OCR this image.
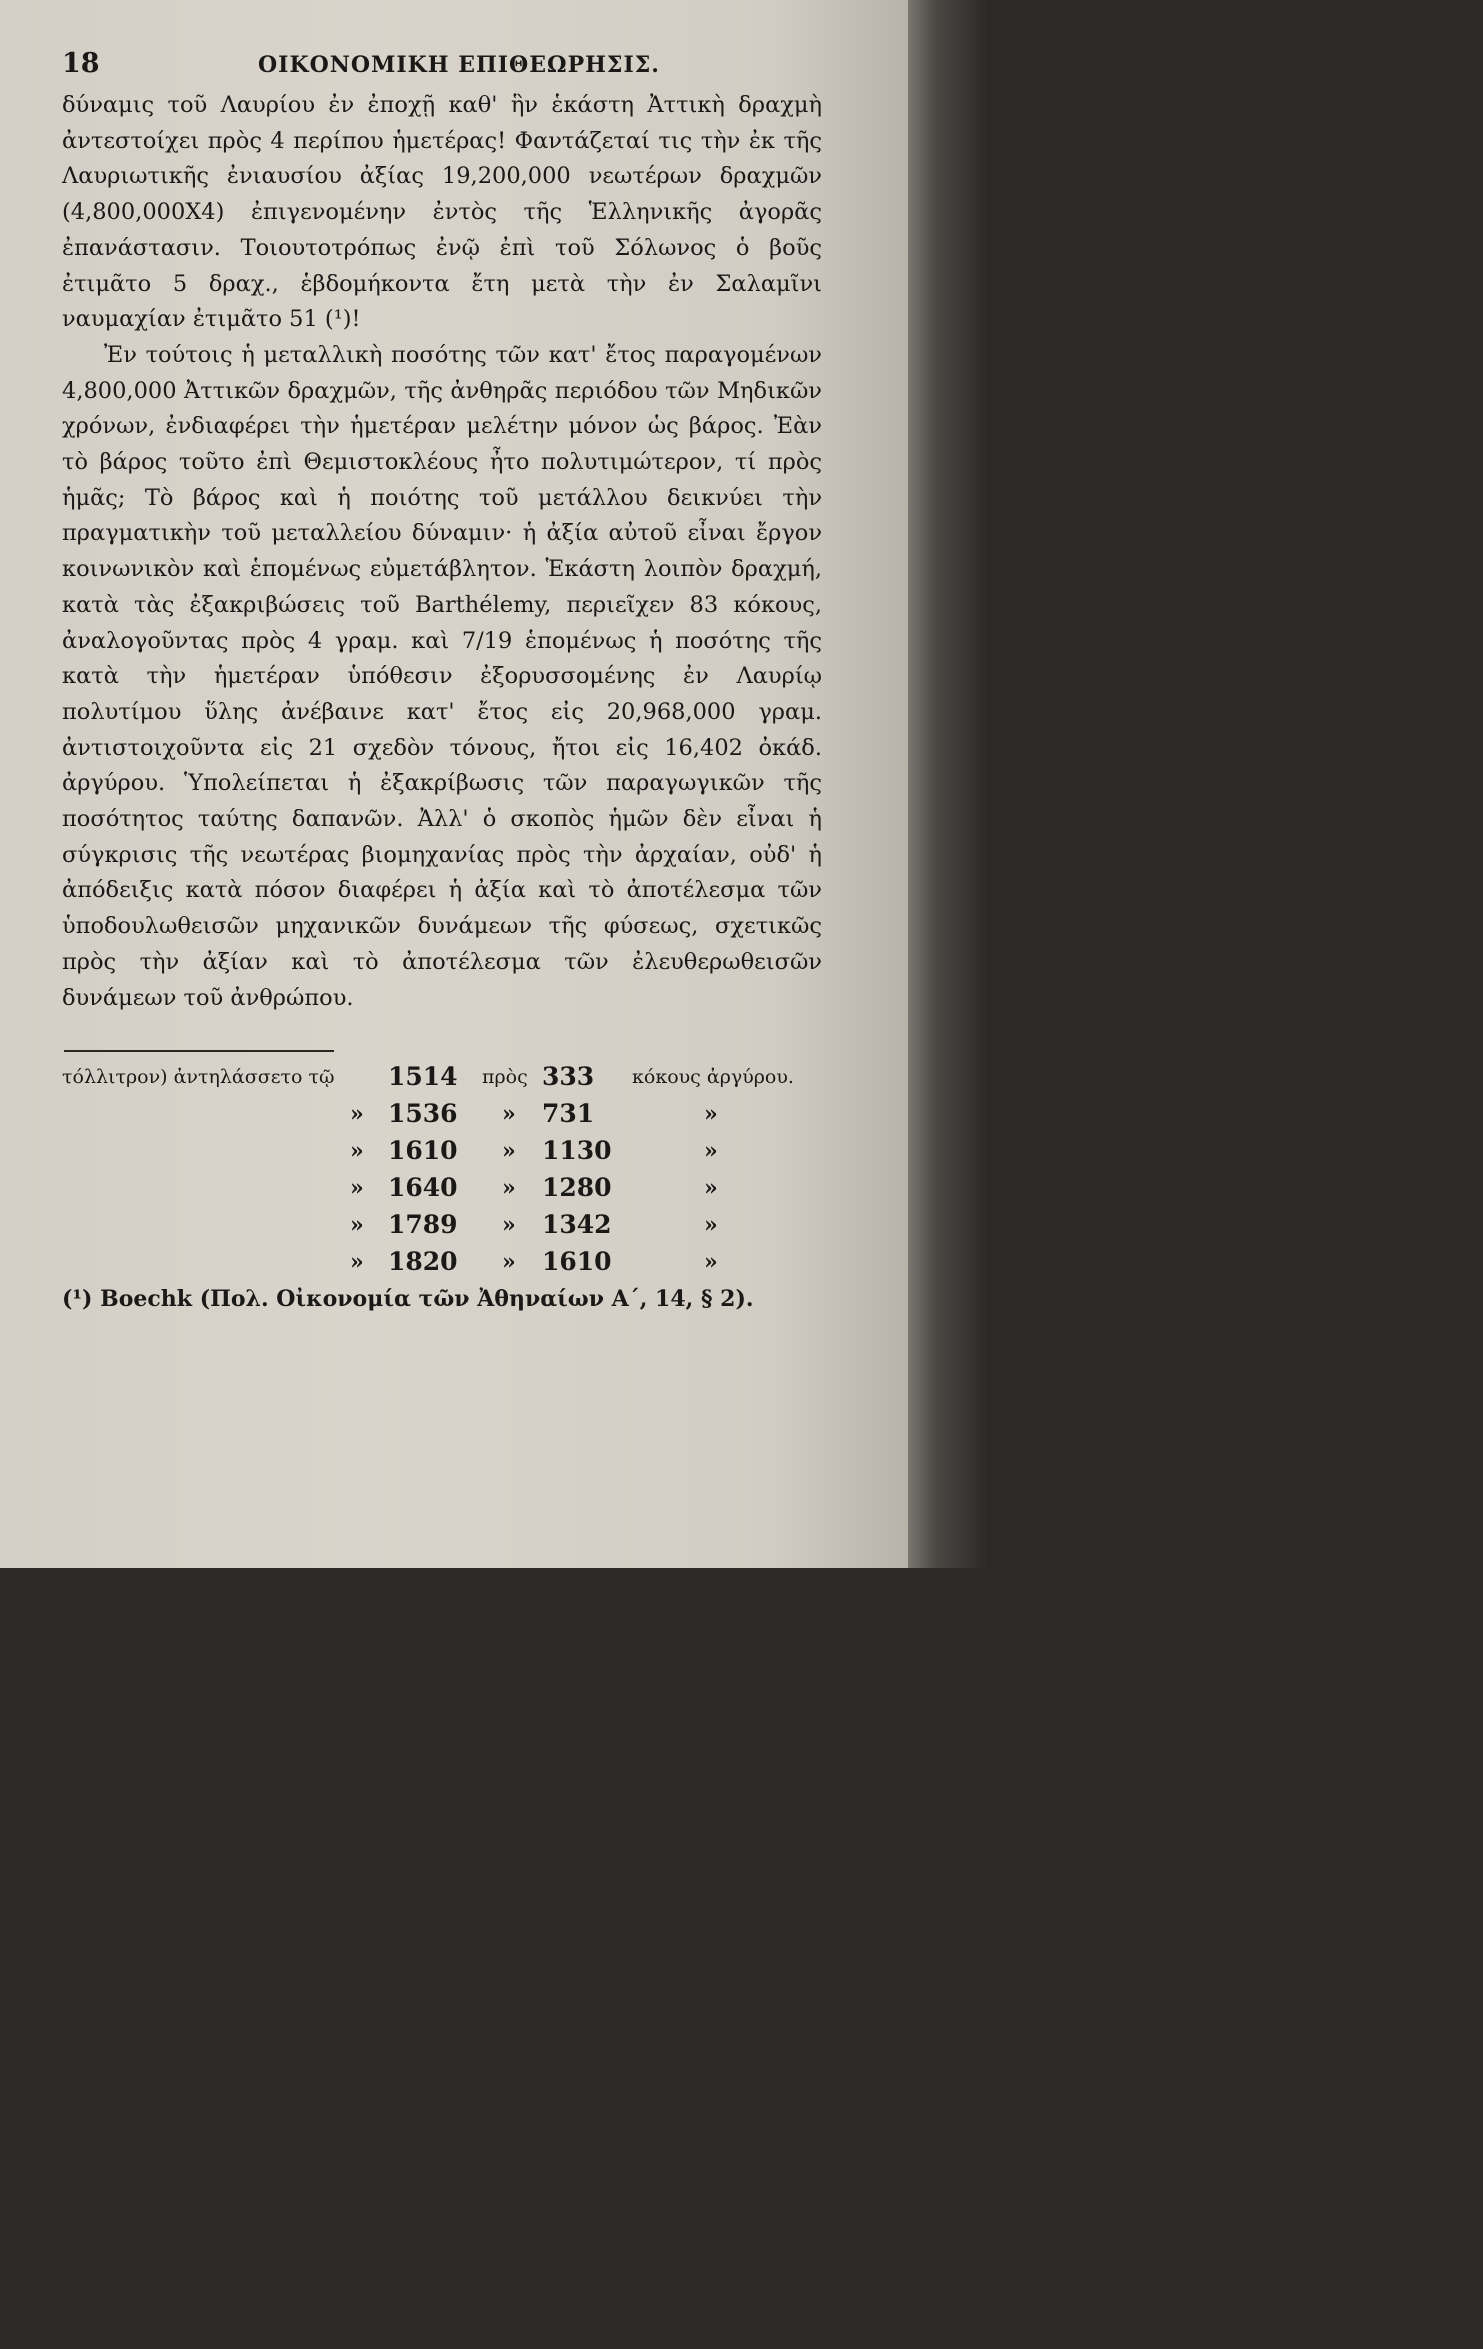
18	ΟΙΚΟΝΟΜΙΚΗ ΕΠΙΘΕΩΡΗΣΙΣ.

δύναμις τοῦ Λαυρίου ἐν ἐποχῇ καθ' ἣν ἑκάστη Ἀττικὴ δραχμὴ ἀντεστοίχει πρὸς 4 περίπου ἡμετέρας! Φαντάζεταί τις τὴν ἐκ τῆς Λαυριωτικῆς ἐνιαυσίου ἀξίας 19,200,000 νεωτέρων δραχμῶν (4,800,000X4) ἐπιγενομένην ἐντὸς τῆς Ἑλληνικῆς ἀγορᾶς ἐπανάστασιν. Τοιουτοτρόπως ἐνῷ ἐπὶ τοῦ Σόλωνος ὁ βοῦς ἐτιμᾶτο 5 δραχ., ἑβδομήκοντα ἔτη μετὰ τὴν ἐν Σαλαμῖνι ναυμαχίαν ἐτιμᾶτο 51 (¹)!

Ἐν τούτοις ἡ μεταλλικὴ ποσότης τῶν κατ' ἔτος παραγομένων 4,800,000 Ἀττικῶν δραχμῶν, τῆς ἀνθηρᾶς περιόδου τῶν Μηδικῶν χρόνων, ἐνδιαφέρει τὴν ἡμετέραν μελέτην μόνον ὡς βάρος. Ἐὰν τὸ βάρος τοῦτο ἐπὶ Θεμιστοκλέους ἦτο πολυτιμώτερον, τί πρὸς ἡμᾶς; Τὸ βάρος καὶ ἡ ποιότης τοῦ μετάλλου δεικνύει τὴν πραγματικὴν τοῦ μεταλλείου δύναμιν· ἡ ἀξία αὐτοῦ εἶναι ἔργον κοινωνικὸν καὶ ἑπομένως εὐμετάβλητον. Ἑκάστη λοιπὸν δραχμή, κατὰ τὰς ἐξακριβώσεις τοῦ Barthélemy, περιεῖχεν 83 κόκους, ἀναλογοῦντας πρὸς 4 γραμ. καὶ 7/19 ἑπομένως ἡ ποσότης τῆς κατὰ τὴν ἡμετέραν ὑπόθεσιν ἐξορυσσομένης ἐν Λαυρίῳ πολυτίμου ὕλης ἀνέβαινε κατ' ἔτος εἰς 20,968,000 γραμ. ἀντιστοιχοῦντα εἰς 21 σχεδὸν τόνους, ἤτοι εἰς 16,402 ὀκάδ. ἀργύρου. Ὑπολείπεται ἡ ἐξακρίβωσις τῶν παραγωγικῶν τῆς ποσότητος ταύτης δαπανῶν. Ἀλλ' ὁ σκοπὸς ἡμῶν δὲν εἶναι ἡ σύγκρισις τῆς νεωτέρας βιομηχανίας πρὸς τὴν ἀρχαίαν, οὐδ' ἡ ἀπόδειξις κατὰ πόσον διαφέρει ἡ ἀξία καὶ τὸ ἀποτέλεσμα τῶν ὑποδουλωθεισῶν μηχανικῶν δυνάμεων τῆς φύσεως, σχετικῶς πρὸς τὴν ἀξίαν καὶ τὸ ἀποτέλεσμα τῶν ἐλευθερωθεισῶν δυνάμεων τοῦ ἀνθρώπου.

τόλλιτρον) ἀντηλάσσετο τῷ 1514 πρὸς 333 κόκους ἀργύρου.
» 1536 » 731	»
» 1610 » 1130	»
» 1640 » 1280	»
» 1789 » 1342	»
» 1820 » 1610	»
(¹) Boechk (Πολ. Οἰκονομία τῶν Ἀθηναίων Α΄, 14, § 2).
